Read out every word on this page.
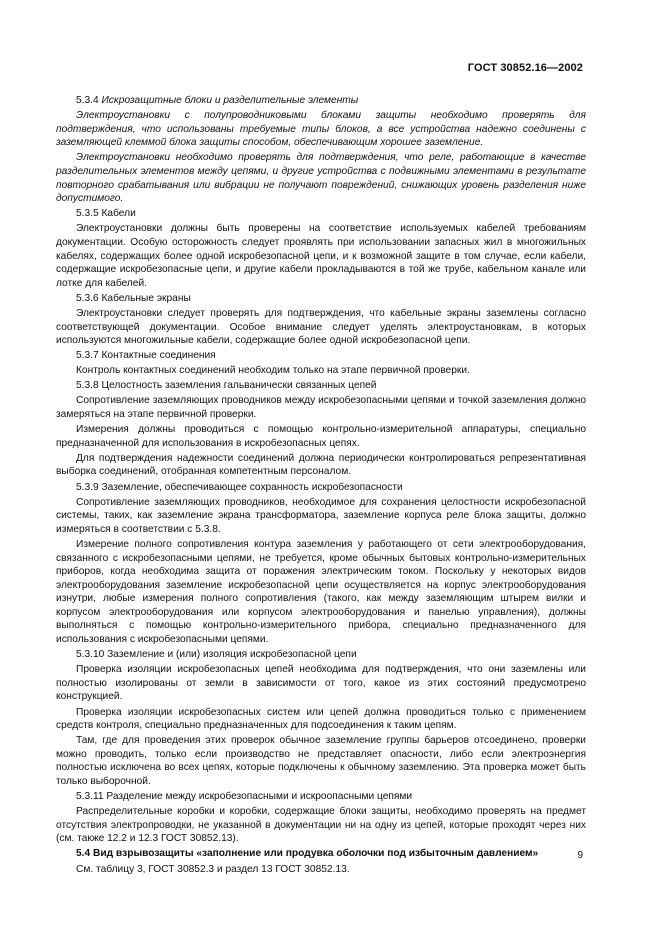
ГОСТ 30852.16—2002

5.3.4 Искрозащитные блоки и разделительные элементы

Электроустановки с полупроводниковыми блоками защиты необходимо проверять для подтверждения, что использованы требуемые типы блоков, а все устройства надежно соединены с заземляющей клеммой блока защиты способом, обеспечивающим хорошее заземление.

Электроустановки необходимо проверять для подтверждения, что реле, работающие в качестве разделительных элементов между цепями, и другие устройства с подвижными элементами в результате повторного срабатывания или вибрации не получают повреждений, снижающих уровень разделения ниже допустимого.

5.3.5 Кабели

Электроустановки должны быть проверены на соответствие используемых кабелей требованиям документации. Особую осторожность следует проявлять при использовании запасных жил в многожильных кабелях, содержащих более одной искробезопасной цепи, и к возможной защите в том случае, если кабели, содержащие искробезопасные цепи, и другие кабели прокладываются в той же трубе, кабельном канале или лотке для кабелей.

5.3.6 Кабельные экраны

Электроустановки следует проверять для подтверждения, что кабельные экраны заземлены согласно соответствующей документации. Особое внимание следует уделять электроустановкам, в которых используются многожильные кабели, содержащие более одной искробезопасной цепи.

5.3.7 Контактные соединения

Контроль контактных соединений необходим только на этапе первичной проверки.

5.3.8 Целостность заземления гальванически связанных цепей

Сопротивление заземляющих проводников между искробезопасными цепями и точкой заземления должно замеряться на этапе первичной проверки.

Измерения должны проводиться с помощью контрольно-измерительной аппаратуры, специально предназначенной для использования в искробезопасных цепях.

Для подтверждения надежности соединений должна периодически контролироваться репрезентативная выборка соединений, отобранная компетентным персоналом.

5.3.9 Заземление, обеспечивающее сохранность искробезопасности

Сопротивление заземляющих проводников, необходимое для сохранения целостности искробезопасной системы, таких, как заземление экрана трансформатора, заземление корпуса реле блока защиты, должно измеряться в соответствии с 5.3.8.

Измерение полного сопротивления контура заземления у работающего от сети электрооборудования, связанного с искробезопасными цепями, не требуется, кроме обычных бытовых контрольно-измерительных приборов, когда необходима защита от поражения электрическим током. Поскольку у некоторых видов электрооборудования заземление искробезопасной цепи осуществляется на корпус электрооборудования изнутри, любые измерения полного сопротивления (такого, как между заземляющим штырем вилки и корпусом электрооборудования или корпусом электрооборудования и панелью управления), должны выполняться с помощью контрольно-измерительного прибора, специально предназначенного для использования с искробезопасными цепями.

5.3.10 Заземление и (или) изоляция искробезопасной цепи

Проверка изоляции искробезопасных цепей необходима для подтверждения, что они заземлены или полностью изолированы от земли в зависимости от того, какое из этих состояний предусмотрено конструкцией.

Проверка изоляции искробезопасных систем или цепей должна проводиться только с применением средств контроля, специально предназначенных для подсоединения к таким цепям.

Там, где для проведения этих проверок обычное заземление группы барьеров отсоединено, проверки можно проводить, только если производство не представляет опасности, либо если электроэнергия полностью исключена во всех цепях, которые подключены к обычному заземлению. Эта проверка может быть только выборочной.

5.3.11 Разделение между искробезопасными и искроопасными цепями

Распределительные коробки и коробки, содержащие блоки защиты, необходимо проверять на предмет отсутствия электропроводки, не указанной в документации ни на одну из цепей, которые проходят через них (см. также 12.2 и 12.3 ГОСТ 30852.13).

5.4 Вид взрывозащиты «заполнение или продувка оболочки под избыточным давлением»

См. таблицу 3, ГОСТ 30852.3 и раздел 13 ГОСТ 30852.13.

9
